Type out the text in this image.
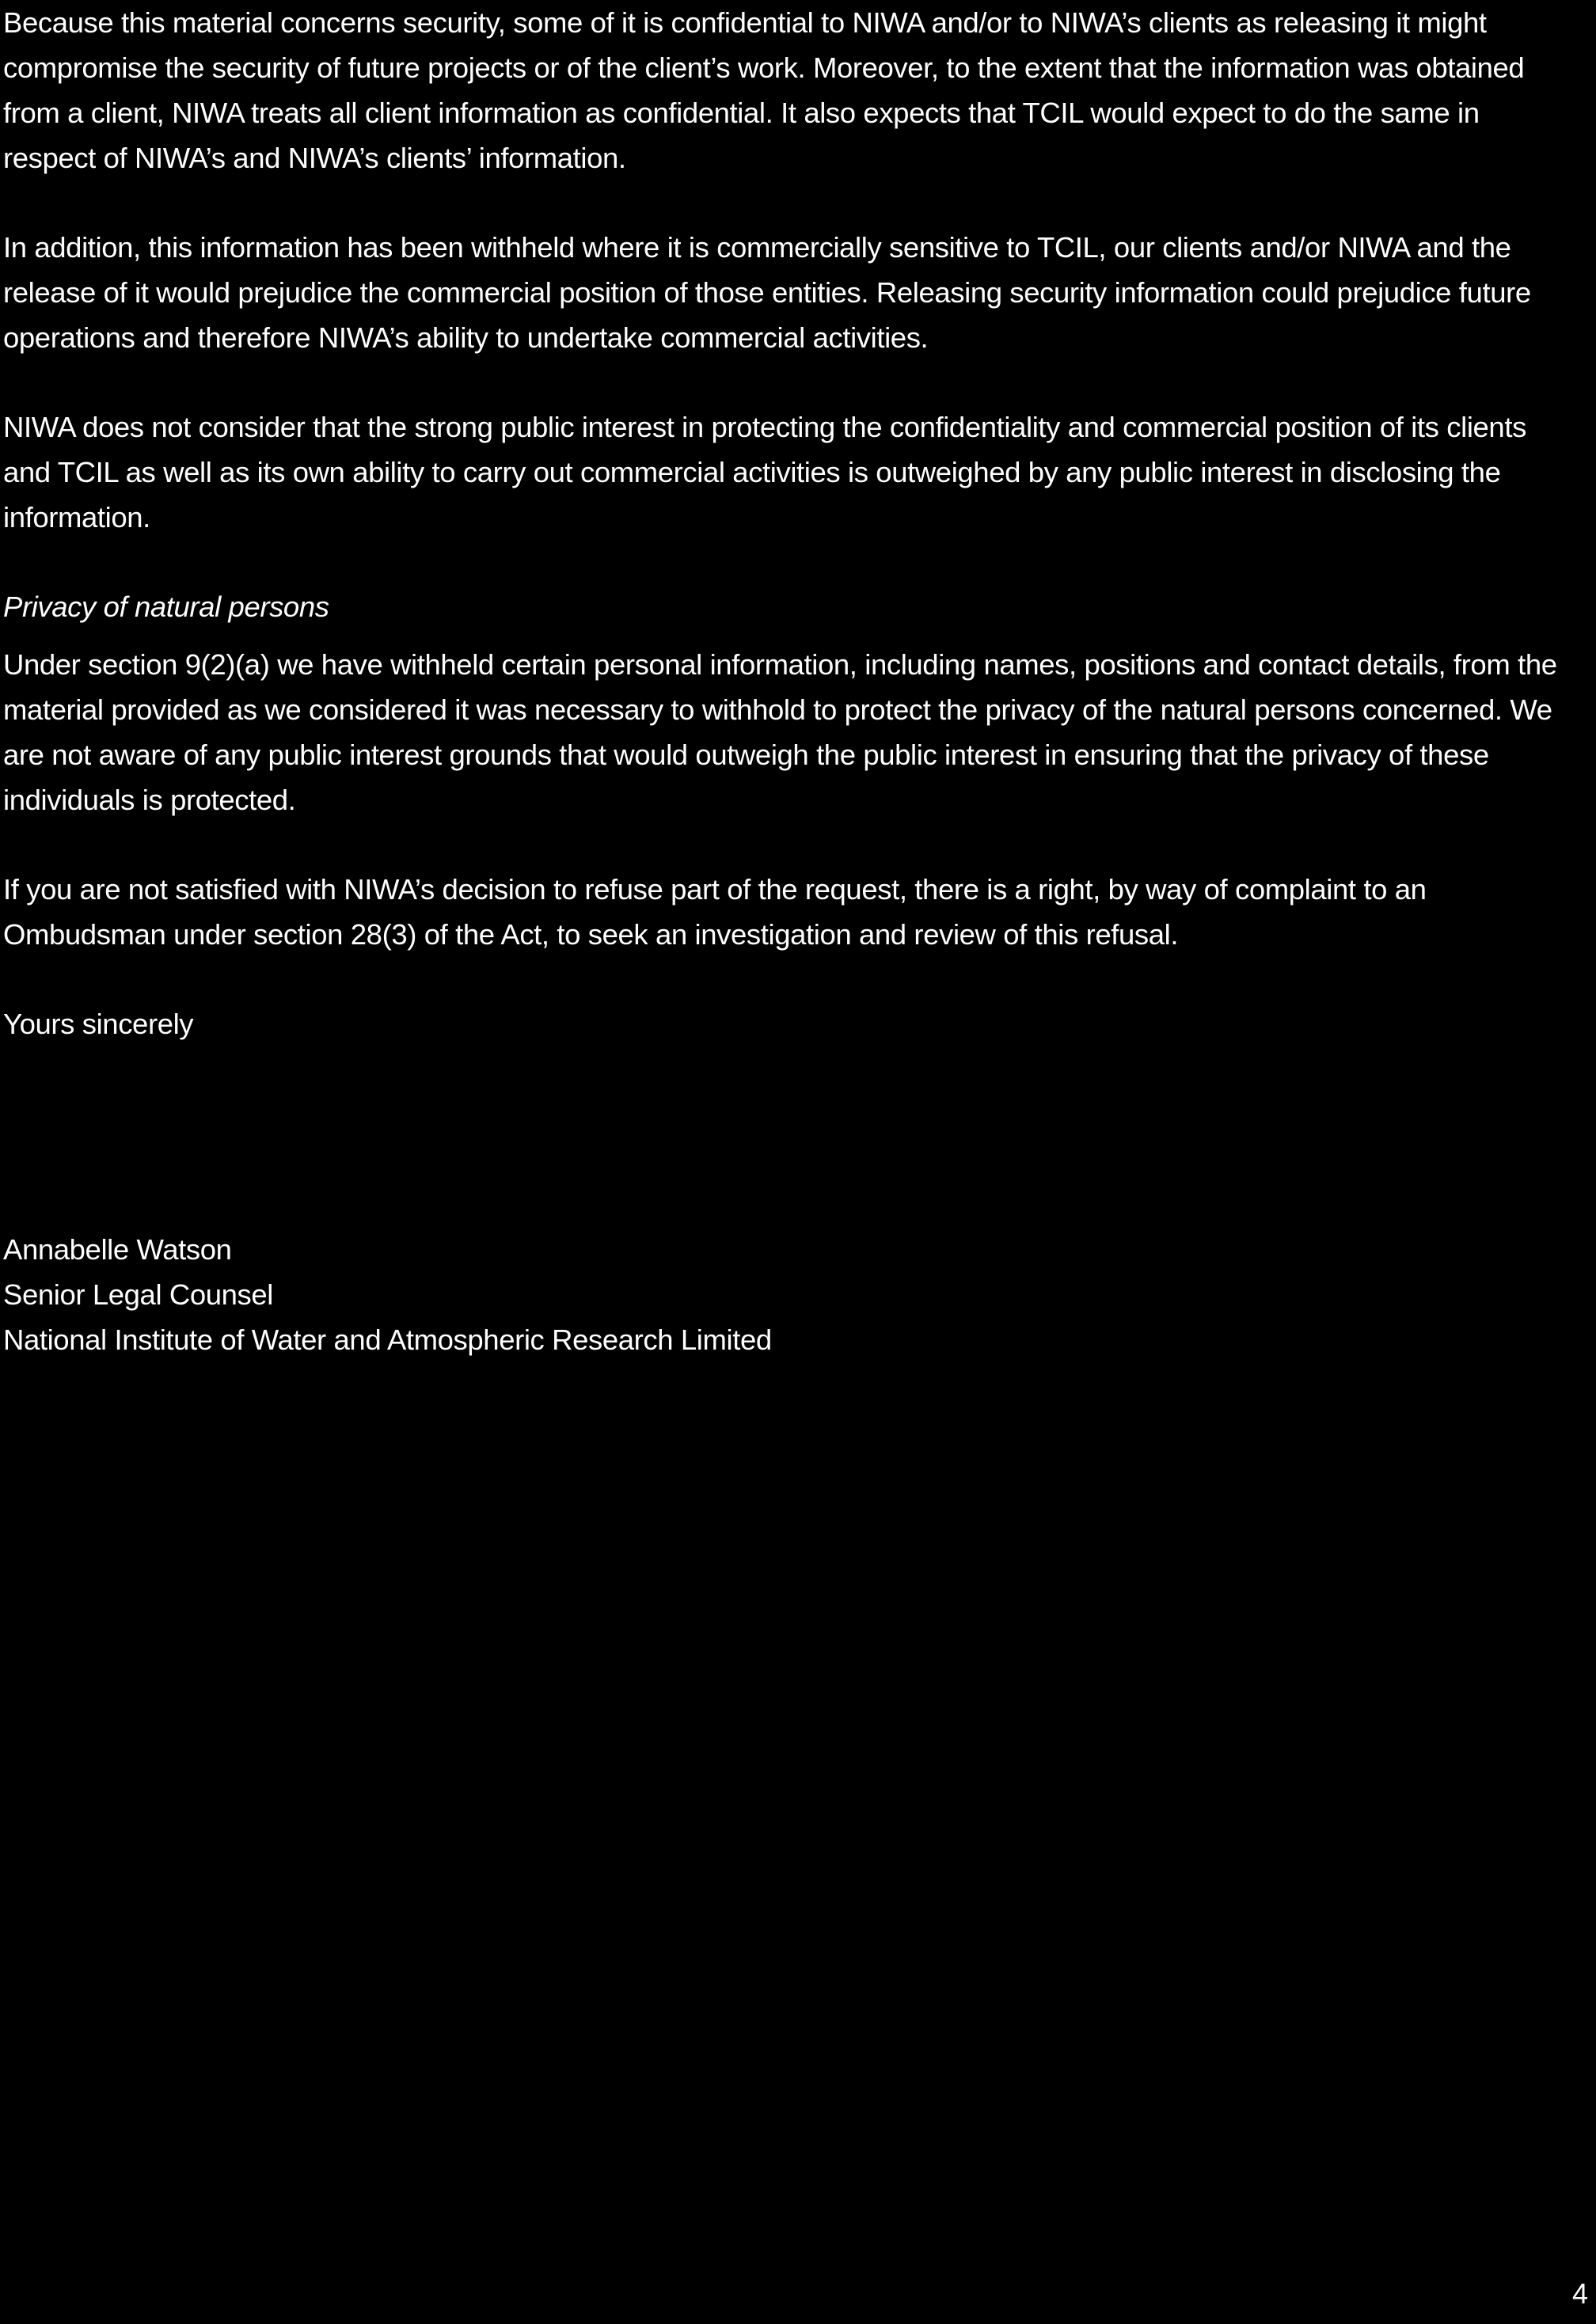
Because this material concerns security, some of it is confidential to NIWA and/or to NIWA’s clients as releasing it might compromise the security of future projects or of the client’s work. Moreover, to the extent that the information was obtained from a client, NIWA treats all client information as confidential. It also expects that TCIL would expect to do the same in respect of NIWA’s and NIWA’s clients’ information.

In addition, this information has been withheld where it is commercially sensitive to TCIL, our clients and/or NIWA and the release of it would prejudice the commercial position of those entities. Releasing security information could prejudice future operations and therefore NIWA’s ability to undertake commercial activities.

NIWA does not consider that the strong public interest in protecting the confidentiality and commercial position of its clients and TCIL as well as its own ability to carry out commercial activities is outweighed by any public interest in disclosing the information.

Privacy of natural persons

Under section 9(2)(a) we have withheld certain personal information, including names, positions and contact details, from the material provided as we considered it was necessary to withhold to protect the privacy of the natural persons concerned. We are not aware of any public interest grounds that would outweigh the public interest in ensuring that the privacy of these individuals is protected.

If you are not satisfied with NIWA’s decision to refuse part of the request, there is a right, by way of complaint to an Ombudsman under section 28(3) of the Act, to seek an investigation and review of this refusal.

Yours sincerely

Annabelle Watson

Senior Legal Counsel

National Institute of Water and Atmospheric Research Limited

4
